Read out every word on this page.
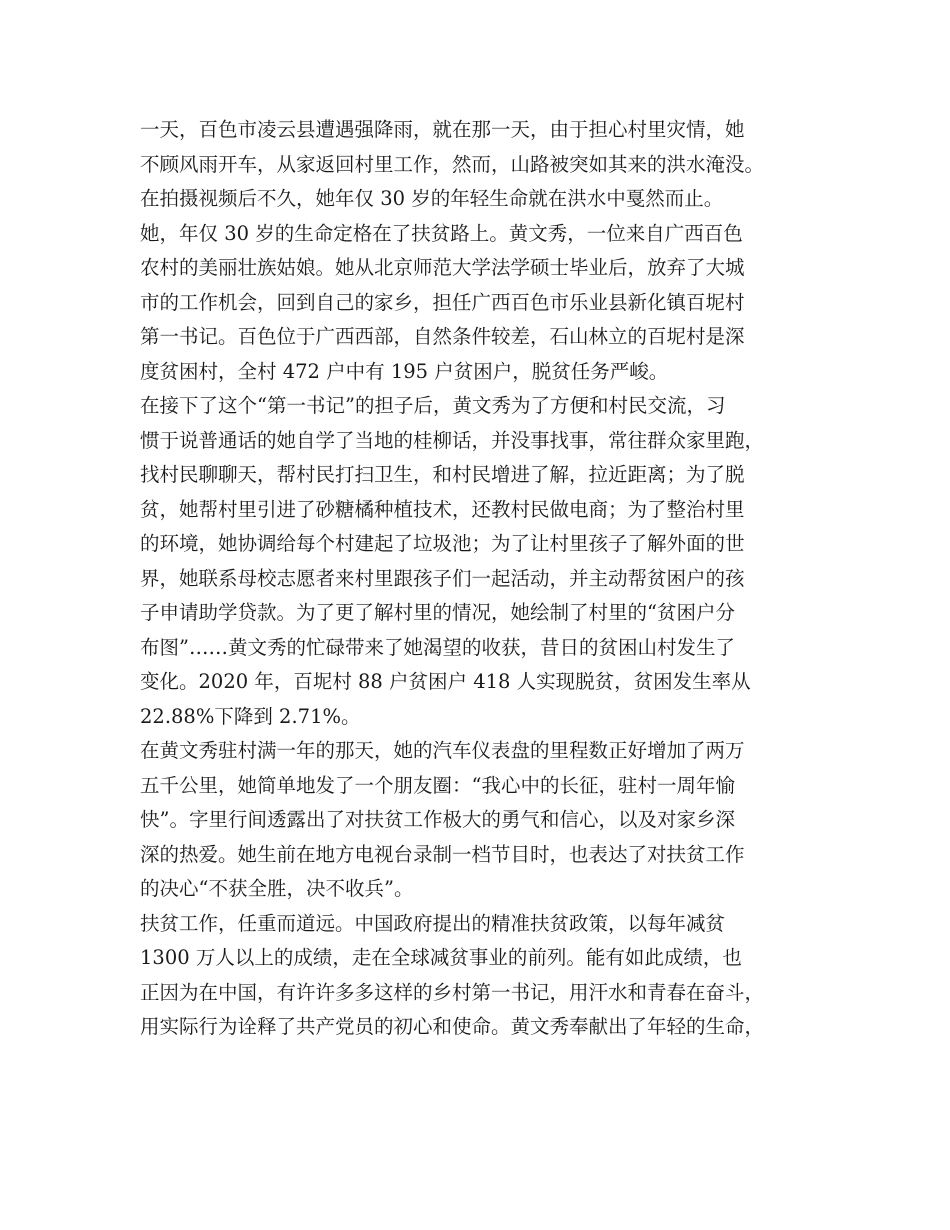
一天，百色市凌云县遭遇强降雨，就在那一天，由于担心村里灾情，她
不顾风雨开车，从家返回村里工作，然而，山路被突如其来的洪水淹没。
在拍摄视频后不久，她年仅 30 岁的年轻生命就在洪水中戛然而止。
她，年仅 30 岁的生命定格在了扶贫路上。黄文秀，一位来自广西百色
农村的美丽壮族姑娘。她从北京师范大学法学硕士毕业后，放弃了大城
市的工作机会，回到自己的家乡，担任广西百色市乐业县新化镇百坭村
第一书记。百色位于广西西部，自然条件较差，石山林立的百坭村是深
度贫困村，全村 472 户中有 195 户贫困户，脱贫任务严峻。
在接下了这个“第一书记”的担子后，黄文秀为了方便和村民交流，习
惯于说普通话的她自学了当地的桂柳话，并没事找事，常往群众家里跑，
找村民聊聊天，帮村民打扫卫生，和村民增进了解，拉近距离；为了脱
贫，她帮村里引进了砂糖橘种植技术，还教村民做电商；为了整治村里
的环境，她协调给每个村建起了垃圾池；为了让村里孩子了解外面的世
界，她联系母校志愿者来村里跟孩子们一起活动，并主动帮贫困户的孩
子申请助学贷款。为了更了解村里的情况，她绘制了村里的“贫困户分
布图”……黄文秀的忙碌带来了她渴望的收获，昔日的贫困山村发生了
变化。2020 年，百坭村 88 户贫困户 418 人实现脱贫，贫困发生率从
22.88%下降到 2.71%。
在黄文秀驻村满一年的那天，她的汽车仪表盘的里程数正好增加了两万
五千公里，她简单地发了一个朋友圈：“我心中的长征，驻村一周年愉
快”。字里行间透露出了对扶贫工作极大的勇气和信心，以及对家乡深
深的热爱。她生前在地方电视台录制一档节目时，也表达了对扶贫工作
的决心“不获全胜，决不收兵”。
扶贫工作，任重而道远。中国政府提出的精准扶贫政策，以每年减贫
1300 万人以上的成绩，走在全球减贫事业的前列。能有如此成绩，也
正因为在中国，有许许多多这样的乡村第一书记，用汗水和青春在奋斗，
用实际行为诠释了共产党员的初心和使命。黄文秀奉献出了年轻的生命，
